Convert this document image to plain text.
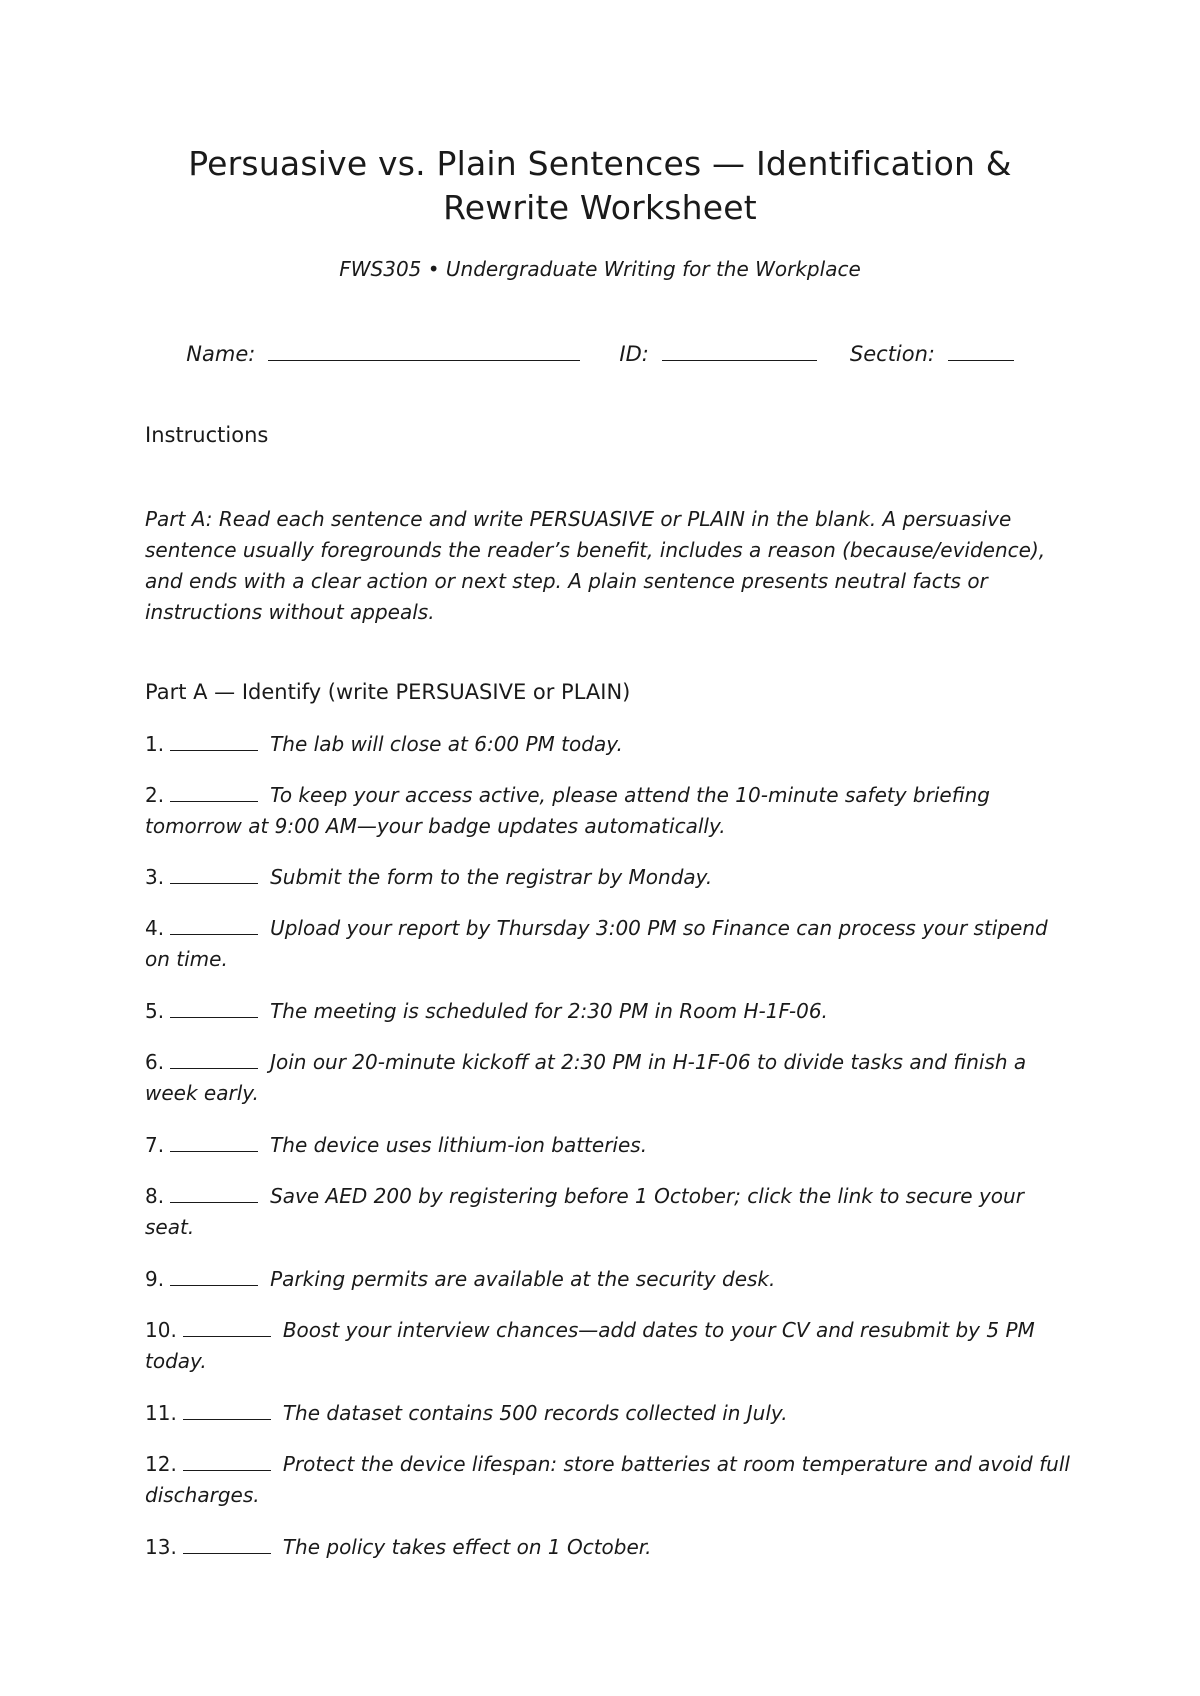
Persuasive vs. Plain Sentences — Identification & Rewrite Worksheet
FWS305 • Undergraduate Writing for the Workplace
Name:	ID:	Section:
Instructions
Part A: Read each sentence and write PERSUASIVE or PLAIN in the blank. A persuasive sentence usually foregrounds the reader’s benefit, includes a reason (because/evidence), and ends with a clear action or next step. A plain sentence presents neutral facts or instructions without appeals.
Part A — Identify (write PERSUASIVE or PLAIN)
1.	The lab will close at 6:00 PM today.
2.	To keep your access active, please attend the 10-minute safety briefing tomorrow at 9:00 AM—your badge updates automatically.
3.	Submit the form to the registrar by Monday.
4.	Upload your report by Thursday 3:00 PM so Finance can process your stipend on time.
5.	The meeting is scheduled for 2:30 PM in Room H-1F-06.
6.	Join our 20-minute kickoff at 2:30 PM in H-1F-06 to divide tasks and finish a week early.
7.	The device uses lithium-ion batteries.
8.	Save AED 200 by registering before 1 October; click the link to secure your seat.
9.	Parking permits are available at the security desk.
10.	Boost your interview chances—add dates to your CV and resubmit by 5 PM today.
11.	The dataset contains 500 records collected in July.
12.	Protect the device lifespan: store batteries at room temperature and avoid full discharges.
13.	The policy takes effect on 1 October.
